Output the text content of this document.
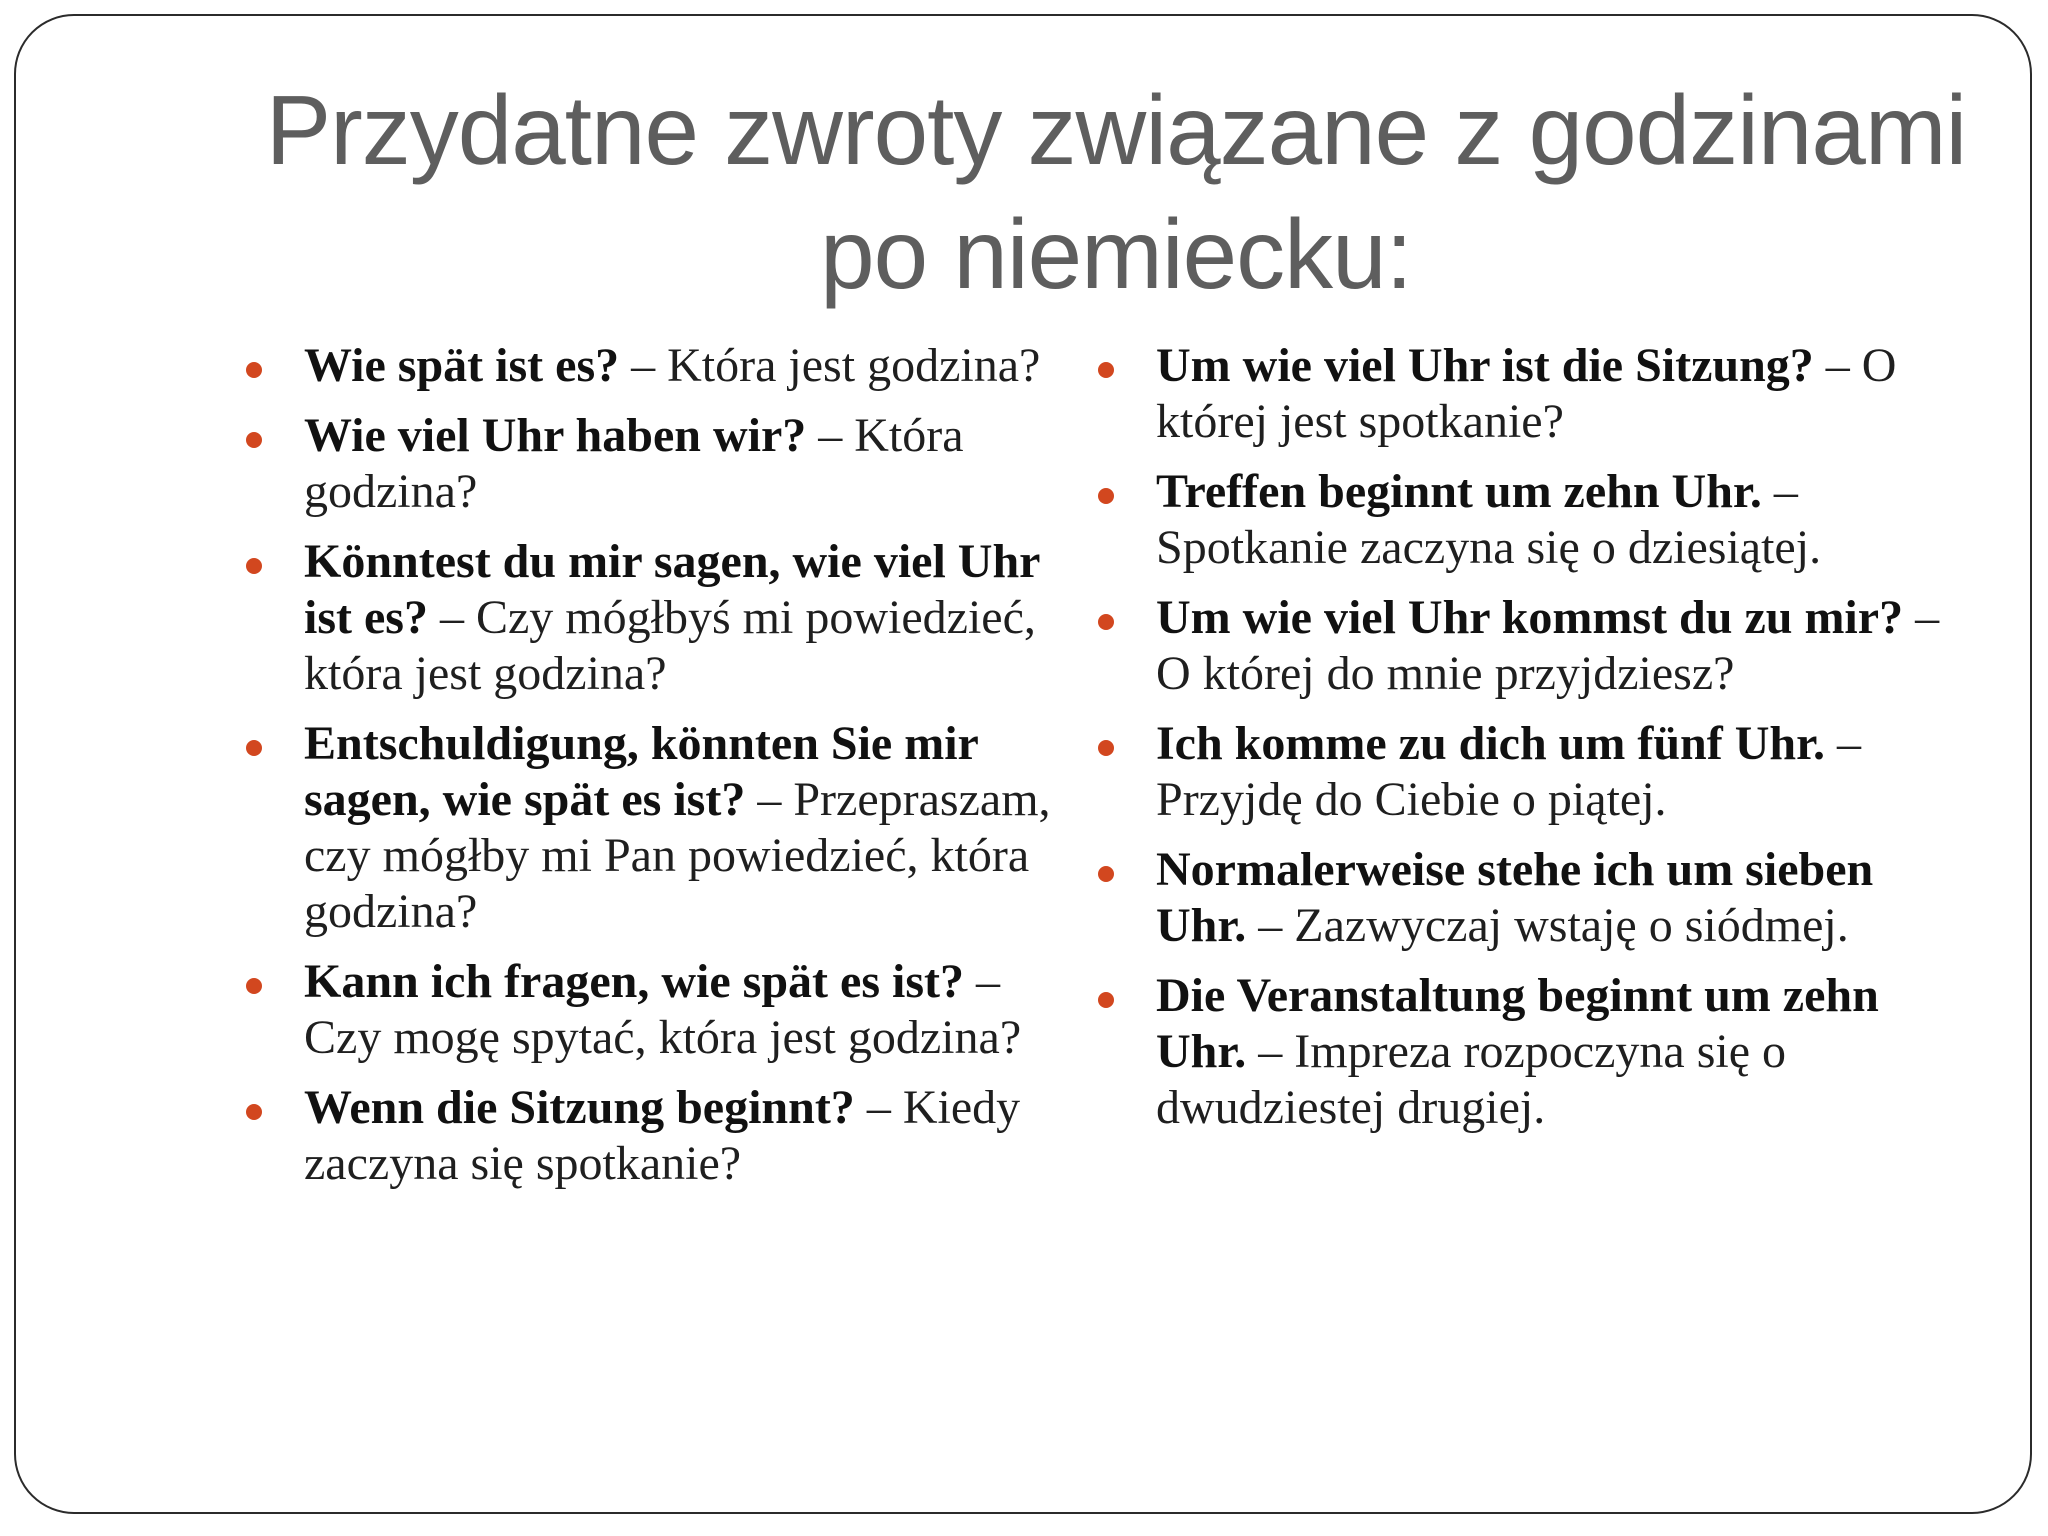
Przydatne zwroty związane z godzinami
po niemiecku:
Wie spät ist es? – Która jest godzina?
Wie viel Uhr haben wir? – Która godzina?
Könntest du mir sagen, wie viel Uhr ist es? – Czy mógłbyś mi powiedzieć, która jest godzina?
Entschuldigung, könnten Sie mir sagen, wie spät es ist? – Przepraszam, czy mógłby mi Pan powiedzieć, która godzina?
Kann ich fragen, wie spät es ist? – Czy mogę spytać, która jest godzina?
Wenn die Sitzung beginnt? – Kiedy zaczyna się spotkanie?
Um wie viel Uhr ist die Sitzung? – O której jest spotkanie?
Treffen beginnt um zehn Uhr. – Spotkanie zaczyna się o dziesiątej.
Um wie viel Uhr kommst du zu mir? – O której do mnie przyjdziesz?
Ich komme zu dich um fünf Uhr. – Przyjdę do Ciebie o piątej.
Normalerweise stehe ich um sieben Uhr. – Zazwyczaj wstaję o siódmej.
Die Veranstaltung beginnt um zehn Uhr. – Impreza rozpoczyna się o dwudziestej drugiej.
